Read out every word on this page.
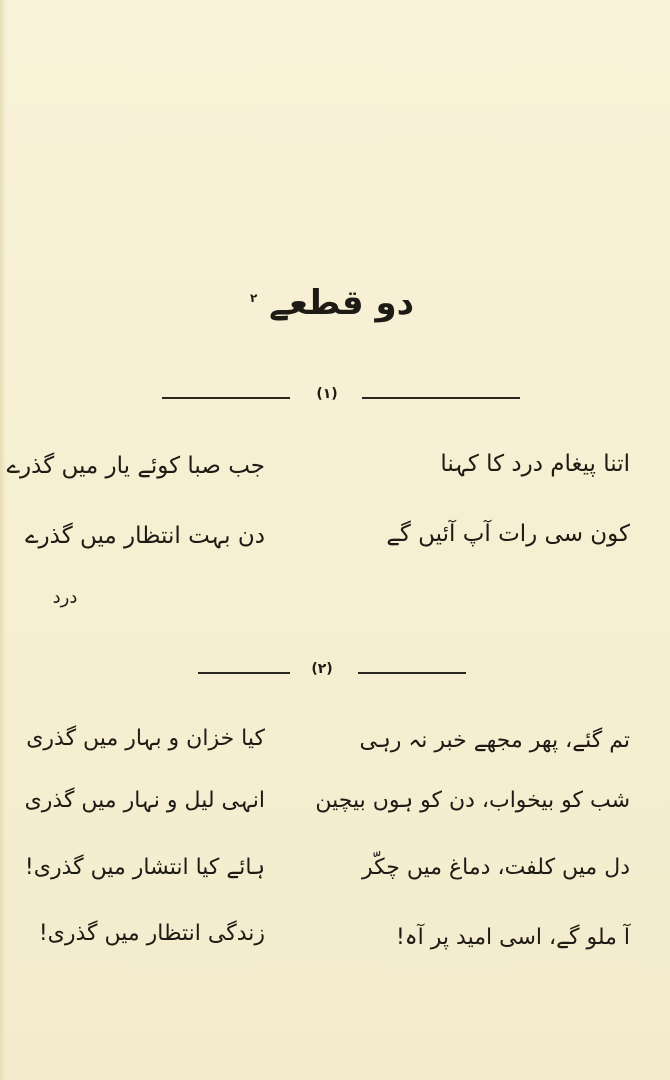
دو قطعے $^۲$
(۱)
اتنا پیغام درد کا کہنا
کون سی رات آپ آئیں گے
جب صبا کوئے یار میں گذرے
دن بہت انتظار میں گذرے
درد
(۲)
تم گئے، پھر مجھے خبر نہ رہی
شب کو بیخواب، دن کو ہوں بیچین
دل میں کلفت، دماغ میں چکّر
آ ملو گے، اسی امید پر آہ!
کیا خزان و بہار میں گذری
انہی لیل و نہار میں گذری
ہائے کیا انتشار میں گذری!
زندگی انتظار میں گذری!
